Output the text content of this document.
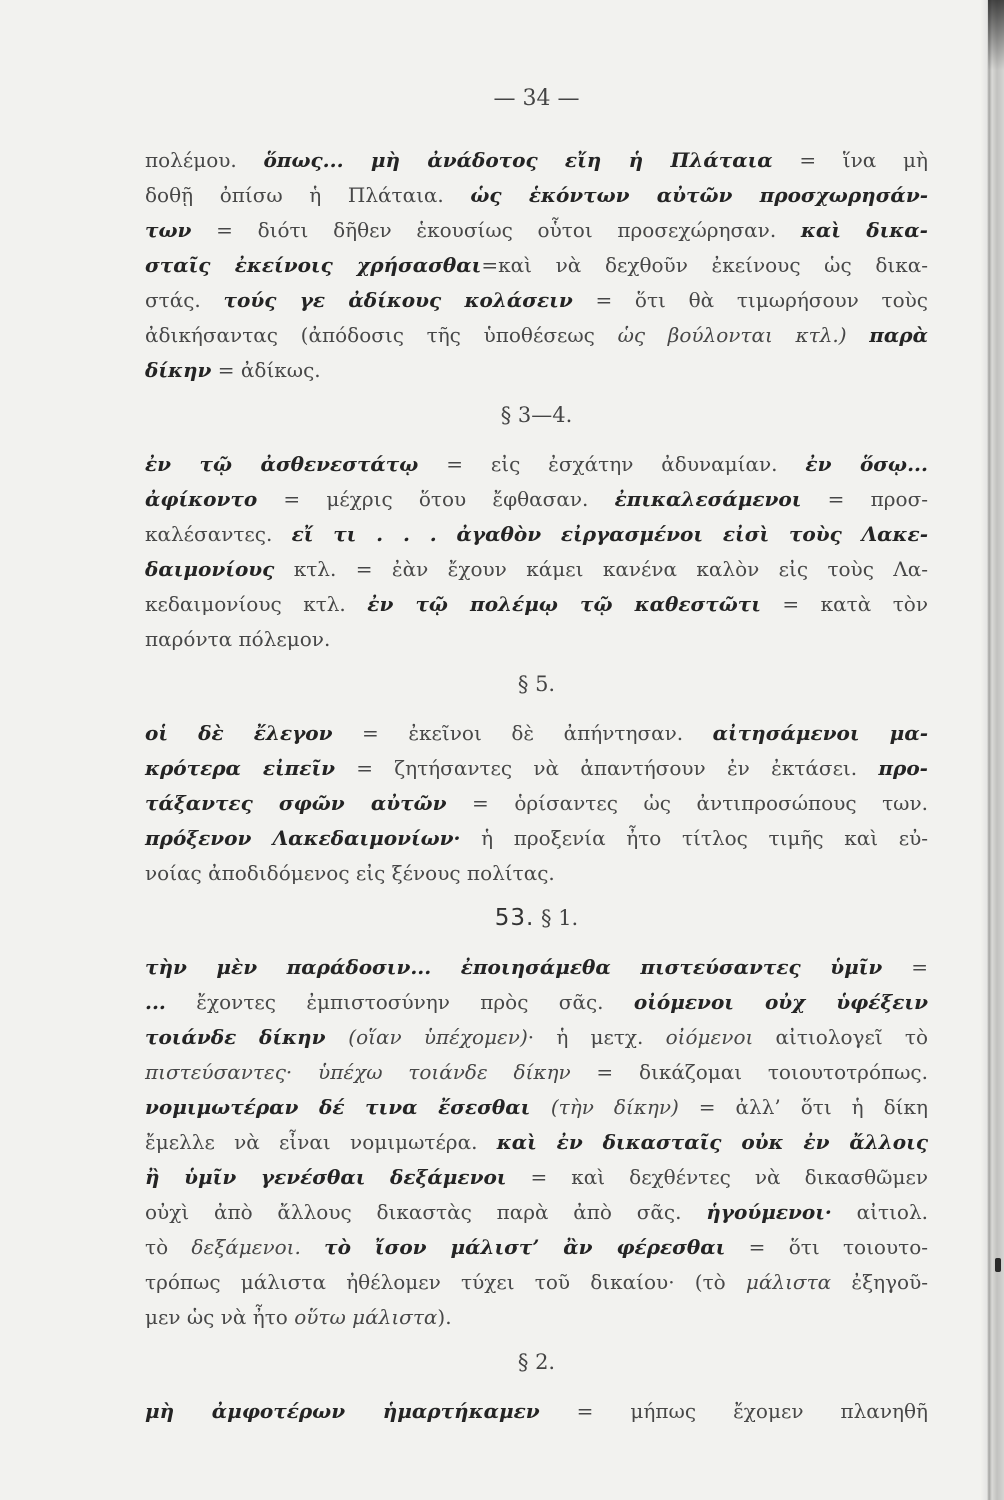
— 34 —
πολέμου. ὅπως... μὴ ἀνάδοτος εἴη ἡ Πλάταια = ἵνα μὴ
δοθῇ ὀπίσω ἡ Πλάταια. ὡς ἑκόντων αὐτῶν προσχωρησάν-
των = διότι δῆθεν ἑκουσίως οὗτοι προσεχώρησαν. καὶ δικα-
σταῖς ἐκείνοις χρήσασθαι=καὶ νὰ δεχθοῦν ἐκείνους ὡς δικα-
στάς. τούς γε ἀδίκους κολάσειν = ὅτι θὰ τιμωρήσουν τοὺς
ἀδικήσαντας (ἀπόδοσις τῆς ὑποθέσεως ὡς βούλονται κτλ.) παρὰ
δίκην = ἀδίκως.
§ 3—4.
ἐν τῷ ἀσθενεστάτῳ = εἰς ἐσχάτην ἀδυναμίαν. ἐν ὅσῳ...
ἀφίκοντο = μέχρις ὅτου ἔφθασαν. ἐπικαλεσάμενοι = προσ-
καλέσαντες. εἴ τι . . . ἀγαθὸν εἰργασμένοι εἰσὶ τοὺς Λακε-
δαιμονίους κτλ. = ἐὰν ἔχουν κάμει κανένα καλὸν εἰς τοὺς Λα-
κεδαιμονίους κτλ. ἐν τῷ πολέμῳ τῷ καθεστῶτι = κατὰ τὸν
παρόντα πόλεμον.
§ 5.
οἱ δὲ ἔλεγον = ἐκεῖνοι δὲ ἀπήντησαν. αἰτησάμενοι μα-
κρότερα εἰπεῖν = ζητήσαντες νὰ ἀπαντήσουν ἐν ἐκτάσει. προ-
τάξαντες σφῶν αὐτῶν = ὁρίσαντες ὡς ἀντιπροσώπους των.
πρόξενον Λακεδαιμονίων· ἡ προξενία ἦτο τίτλος τιμῆς καὶ εὐ-
νοίας ἀποδιδόμενος εἰς ξένους πολίτας.
53. § 1.
τὴν μὲν παράδοσιν... ἐποιησάμεθα πιστεύσαντες ὑμῖν =
... ἔχοντες ἐμπιστοσύνην πρὸς σᾶς. οἰόμενοι οὐχ ὑφέξειν
τοιάνδε δίκην (οἵαν ὑπέχομεν)· ἡ μετχ. οἰόμενοι αἰτιολογεῖ τὸ
πιστεύσαντες· ὑπέχω τοιάνδε δίκην = δικάζομαι τοιουτοτρόπως.
νομιμωτέραν δέ τινα ἔσεσθαι (τὴν δίκην) = ἀλλ’ ὅτι ἡ δίκη
ἔμελλε νὰ εἶναι νομιμωτέρα. καὶ ἐν δικασταῖς οὐκ ἐν ἄλλοις
ἢ ὑμῖν γενέσθαι δεξάμενοι = καὶ δεχθέντες νὰ δικασθῶμεν
οὐχὶ ἀπὸ ἄλλους δικαστὰς παρὰ ἀπὸ σᾶς. ἡγούμενοι· αἰτιολ.
τὸ δεξάμενοι. τὸ ἴσον μάλιστ’ ἂν φέρεσθαι = ὅτι τοιουτο-
τρόπως μάλιστα ἠθέλομεν τύχει τοῦ δικαίου· (τὸ μάλιστα ἐξηγοῦ-
μεν ὡς νὰ ἦτο οὕτω μάλιστα).
§ 2.
μὴ ἀμφοτέρων ἡμαρτήκαμεν = μήπως ἔχομεν πλανηθῆ
